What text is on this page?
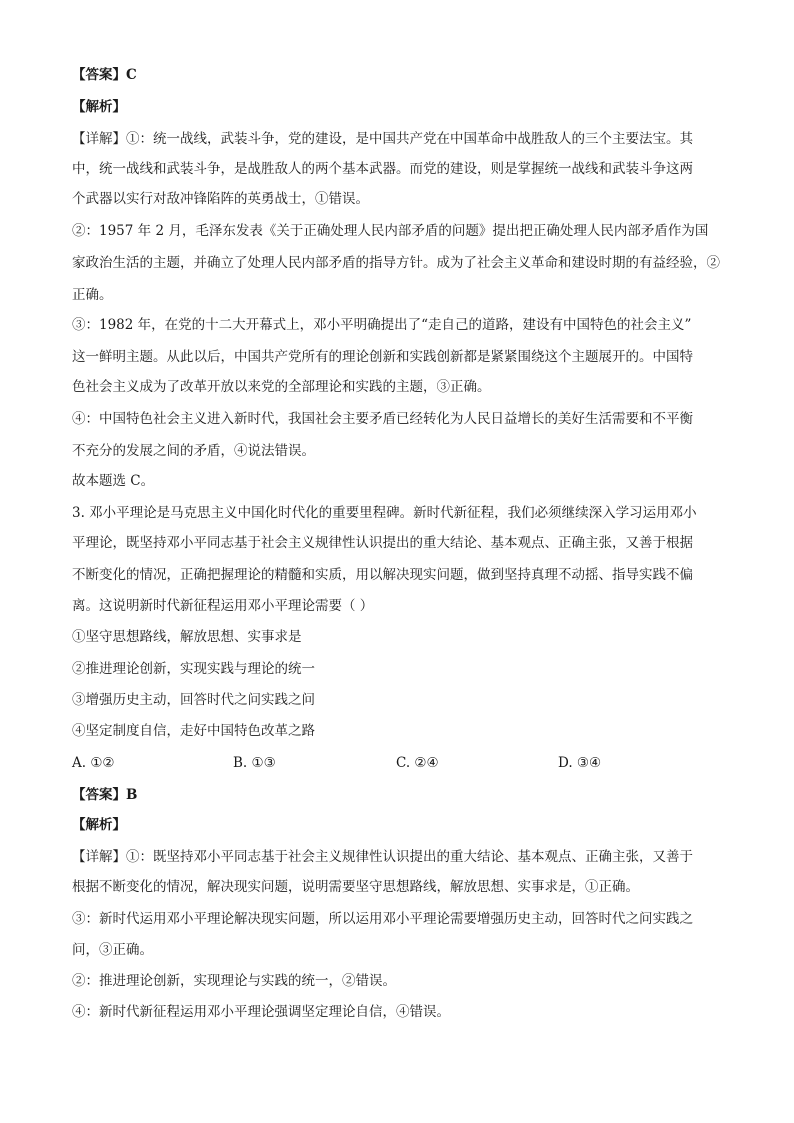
【答案】C
【解析】
【详解】①：统一战线，武装斗争，党的建设，是中国共产党在中国革命中战胜敌人的三个主要法宝。其
中，统一战线和武装斗争，是战胜敌人的两个基本武器。而党的建设，则是掌握统一战线和武装斗争这两
个武器以实行对敌冲锋陷阵的英勇战士，①错误。
②：1957 年 2 月，毛泽东发表《关于正确处理人民内部矛盾的问题》提出把正确处理人民内部矛盾作为国
家政治生活的主题，并确立了处理人民内部矛盾的指导方针。成为了社会主义革命和建设时期的有益经验，②
正确。
③：1982 年，在党的十二大开幕式上，邓小平明确提出了“走自己的道路，建设有中国特色的社会主义”
这一鲜明主题。从此以后，中国共产党所有的理论创新和实践创新都是紧紧围绕这个主题展开的。中国特
色社会主义成为了改革开放以来党的全部理论和实践的主题，③正确。
④：中国特色社会主义进入新时代，我国社会主要矛盾已经转化为人民日益增长的美好生活需要和不平衡
不充分的发展之间的矛盾，④说法错误。
故本题选 C。
3. 邓小平理论是马克思主义中国化时代化的重要里程碑。新时代新征程，我们必须继续深入学习运用邓小
平理论，既坚持邓小平同志基于社会主义规律性认识提出的重大结论、基本观点、正确主张，又善于根据
不断变化的情况，正确把握理论的精髓和实质，用以解决现实问题，做到坚持真理不动摇、指导实践不偏
离。这说明新时代新征程运用邓小平理论需要（ ）
①坚守思想路线，解放思想、实事求是
②推进理论创新，实现实践与理论的统一
③增强历史主动，回答时代之问实践之问
④坚定制度自信，走好中国特色改革之路
A. ①②	B. ①③	C. ②④	D. ③④
【答案】B
【解析】
【详解】①：既坚持邓小平同志基于社会主义规律性认识提出的重大结论、基本观点、正确主张，又善于
根据不断变化的情况，解决现实问题，说明需要坚守思想路线，解放思想、实事求是，①正确。
③：新时代运用邓小平理论解决现实问题，所以运用邓小平理论需要增强历史主动，回答时代之问实践之
问，③正确。
②：推进理论创新，实现理论与实践的统一，②错误。
④：新时代新征程运用邓小平理论强调坚定理论自信，④错误。
